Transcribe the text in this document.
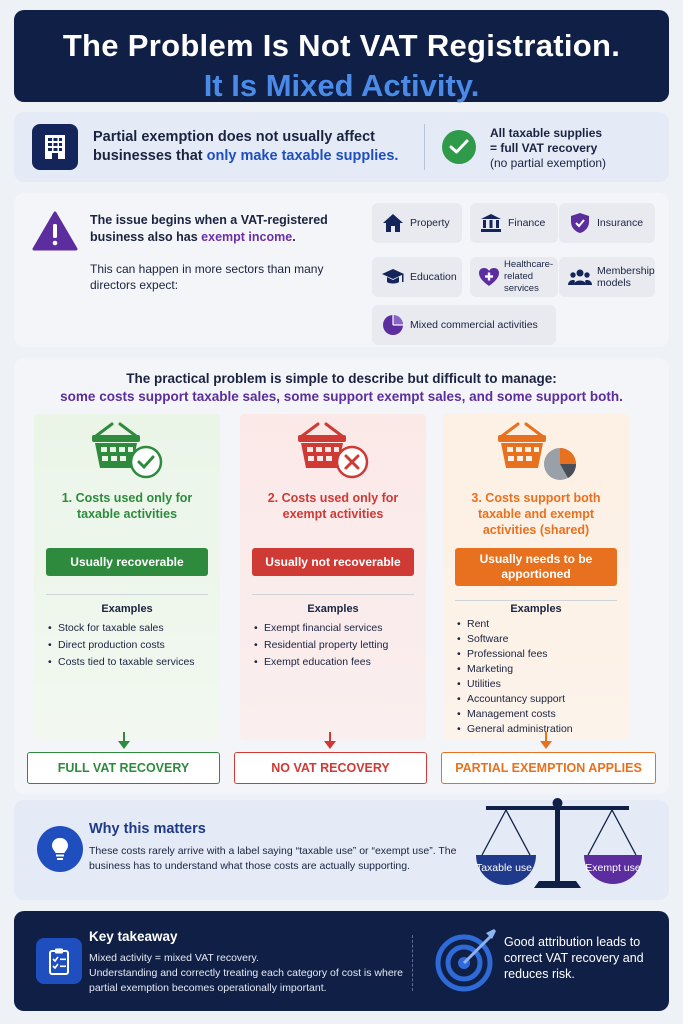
The Problem Is Not VAT Registration.
It Is Mixed Activity.
Partial exemption does not usually affect businesses that only make taxable supplies.
All taxable supplies
= full VAT recovery
(no partial exemption)
The issue begins when a VAT-registered business also has exempt income.
This can happen in more sectors than many directors expect:
Property	Finance	Insurance
Education
Healthcare-
related services
Membership
models
Mixed commercial activities
The practical problem is simple to describe but difficult to manage:
some costs support taxable sales, some support exempt sales, and some support both.
1. Costs used only for taxable activities
Usually recoverable
Examples
• Stock for taxable sales
• Direct production costs
• Costs tied to taxable services
2. Costs used only for exempt activities
Usually not recoverable
Examples
• Exempt financial services
• Residential property letting
• Exempt education fees
3. Costs support both taxable and exempt activities (shared)
Usually needs to be apportioned
Examples
• Rent
• Software
• Professional fees
• Marketing
• Utilities
• Accountancy support
• Management costs
• General administration
FULL VAT RECOVERY	NO VAT RECOVERY	PARTIAL EXEMPTION APPLIES
Why this matters
These costs rarely arrive with a label saying “taxable use” or “exempt use”. The business has to understand what those costs are actually supporting.	Taxable use	Exempt use
Key takeaway
Mixed activity = mixed VAT recovery.
Understanding and correctly treating each category of cost is where partial exemption becomes operationally important.
Good attribution leads to correct VAT recovery and reduces risk.
